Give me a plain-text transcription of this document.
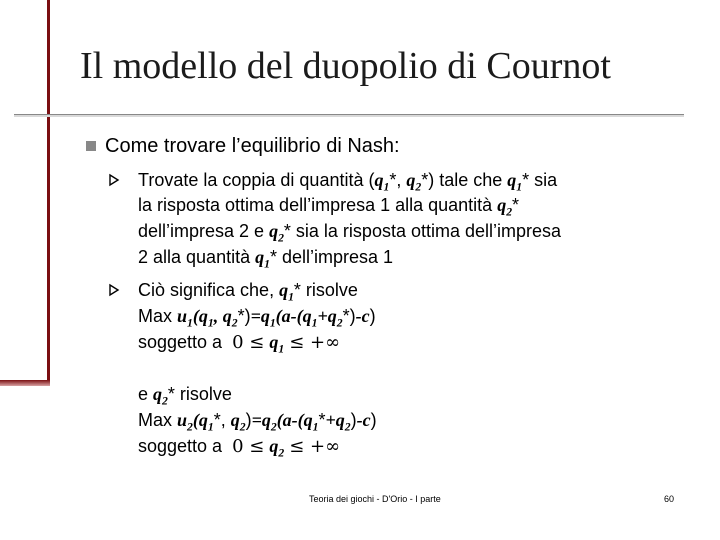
Il modello del duopolio di Cournot
Come trovare l’equilibrio di Nash:
Trovate la coppia di quantità ($q_1*$, $q_2*$) tale che $q_1*$ sia
la risposta ottima dell’impresa 1 alla quantità $q_2*$
dell’impresa 2 e $q_2*$ sia la risposta ottima dell’impresa
2 alla quantità $q_1*$ dell’impresa 1
Ciò significa che, $q_1*$ risolve
Max $u_1(q_1$, $q_2*)=q_1(a-(q_1+q_2*)-c)$
soggetto a  $0 \le q_1$ ≤ +∞
e $q_2*$ risolve
Max $u_2(q_1*$, $q_2)=q_2(a-(q_1*+q_2)-c)$
soggetto a  $0 \le q_2$ ≤ +∞
Teoria dei giochi - D'Orio - I parte	60
